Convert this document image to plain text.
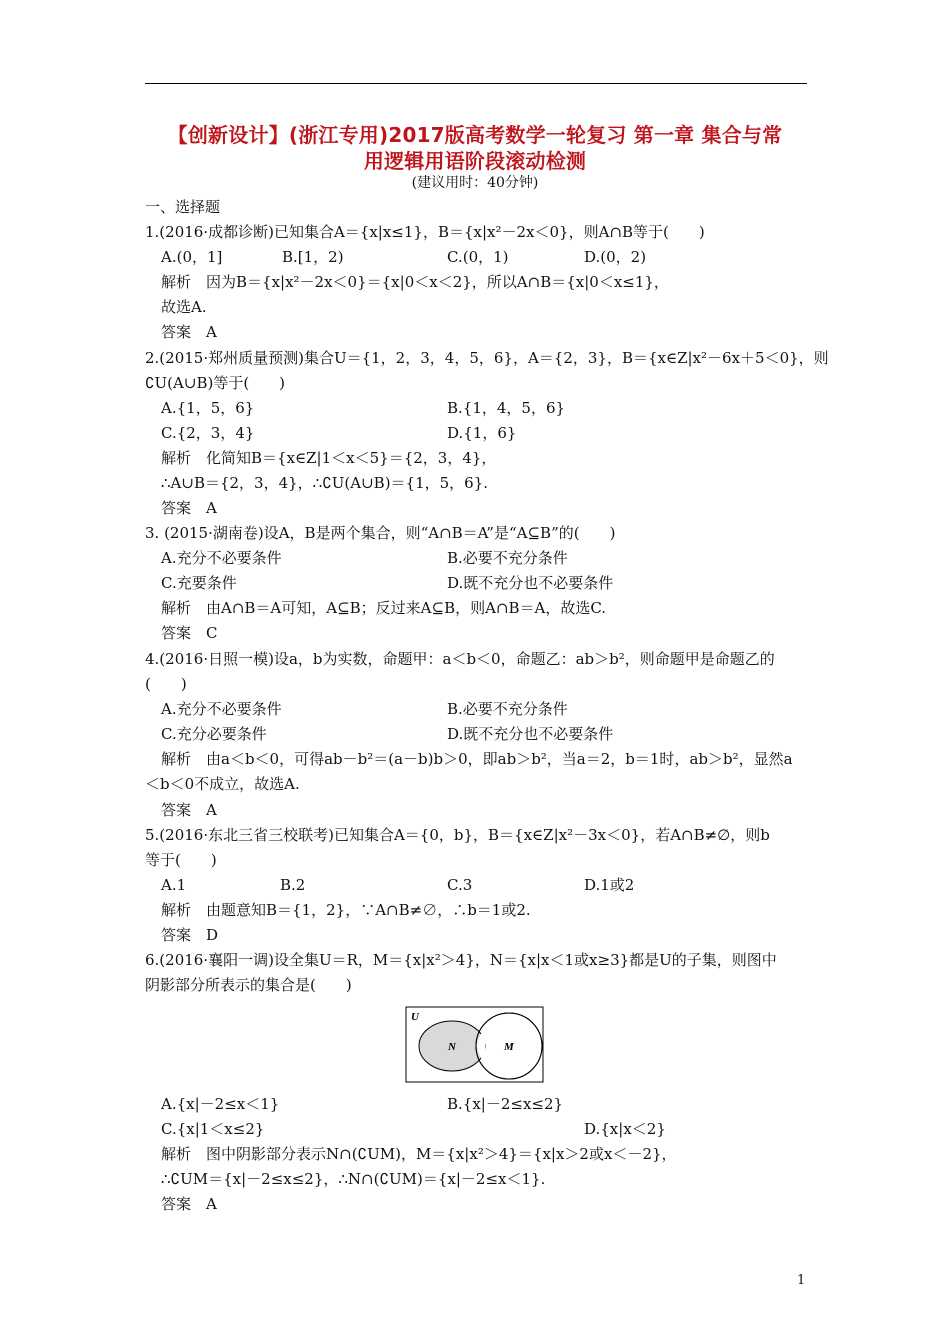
【创新设计】(浙江专用)2017版高考数学一轮复习 第一章 集合与常
用逻辑用语阶段滚动检测
(建议用时：40分钟)
一、选择题
1.(2016·成都诊断)已知集合A＝{x|x≤1}，B＝{x|x²－2x＜0}，则A∩B等于(　　)
A.(0，1]	B.[1，2)	C.(0，1)	D.(0，2)
解析　因为B＝{x|x²－2x＜0}＝{x|0＜x＜2}，所以A∩B＝{x|0＜x≤1}，
故选A.
答案　A
2.(2015·郑州质量预测)集合U＝{1，2，3，4，5，6}，A＝{2，3}，B＝{x∈Z|x²－6x＋5＜0}，则
∁U(A∪B)等于(　　)
A.{1，5，6}	B.{1，4，5，6}
C.{2，3，4}	D.{1，6}
解析　化简知B＝{x∈Z|1＜x＜5}＝{2，3，4}，
∴A∪B＝{2，3，4}，∴∁U(A∪B)＝{1，5，6}.
答案　A
3. (2015·湖南卷)设A，B是两个集合，则“A∩B＝A”是“A⊆B”的(　　)
A.充分不必要条件	B.必要不充分条件
C.充要条件	D.既不充分也不必要条件
解析　由A∩B＝A可知，A⊆B；反过来A⊆B，则A∩B＝A，故选C.
答案　C
4.(2016·日照一模)设a，b为实数，命题甲：a＜b＜0，命题乙：ab＞b²，则命题甲是命题乙的
(　　)
A.充分不必要条件	B.必要不充分条件
C.充分必要条件	D.既不充分也不必要条件
解析　由a＜b＜0，可得ab－b²＝(a－b)b＞0，即ab＞b²，当a＝2，b＝1时，ab＞b²，显然a
＜b＜0不成立，故选A.
答案　A
5.(2016·东北三省三校联考)已知集合A＝{0，b}，B＝{x∈Z|x²－3x＜0}，若A∩B≠∅，则b
等于(　　)
A.1	B.2	C.3	D.1或2
解析　由题意知B＝{1，2}，∵A∩B≠∅，∴b＝1或2.
答案　D
6.(2016·襄阳一调)设全集U＝R，M＝{x|x²＞4}，N＝{x|x＜1或x≥3}都是U的子集，则图中
阴影部分所表示的集合是(　　)
U
N	M
A.{x|－2≤x＜1}	B.{x|－2≤x≤2}
C.{x|1＜x≤2}	D.{x|x＜2}
解析　图中阴影部分表示N∩(∁UM)，M＝{x|x²＞4}＝{x|x＞2或x＜－2}，
∴∁UM＝{x|－2≤x≤2}，∴N∩(∁UM)＝{x|－2≤x＜1}.
答案　A
1
